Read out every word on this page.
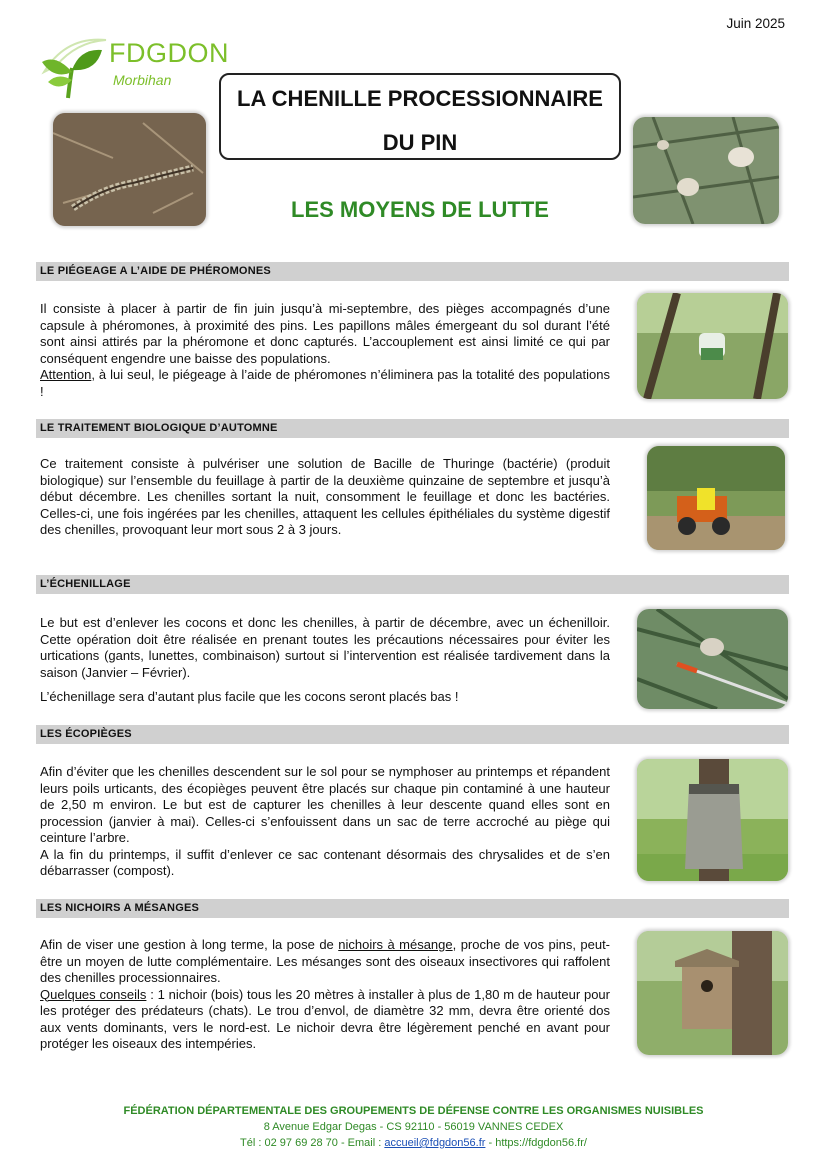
Juin 2025
FDGDON
Morbihan
LA CHENILLE PROCESSIONNAIRE
DU PIN
LES MOYENS DE LUTTE
LE PIÉGEAGE A L’AIDE DE PHÉROMONES

Il consiste à placer à partir de fin juin jusqu’à mi-septembre, des pièges accompagnés d’une capsule à phéromones, à proximité des pins. Les papillons mâles émergeant du sol durant l’été sont ainsi attirés par la phéromone et donc capturés. L’accouplement est ainsi limité ce qui par conséquent engendre une baisse des populations.

Attention, à lui seul, le piégeage à l’aide de phéromones n’éliminera pas la totalité des populations !

LE TRAITEMENT BIOLOGIQUE D’AUTOMNE

Ce traitement consiste à pulvériser une solution de Bacille de Thuringe (bactérie) (produit biologique) sur l’ensemble du feuillage à partir de la deuxième quinzaine de septembre et jusqu’à début décembre. Les chenilles sortant la nuit, consomment le feuillage et donc les bactéries. Celles-ci, une fois ingérées par les chenilles, attaquent les cellules épithéliales du système digestif des chenilles, provoquant leur mort sous 2 à 3 jours.

L’ÉCHENILLAGE

Le but est d’enlever les cocons et donc les chenilles, à partir de décembre, avec un échenilloir. Cette opération doit être réalisée en prenant toutes les précautions nécessaires pour éviter les urtications (gants, lunettes, combinaison) surtout si l’intervention est réalisée tardivement dans la saison (Janvier – Février).

L’échenillage sera d’autant plus facile que les cocons seront placés bas !

LES ÉCOPIÈGES

Afin d’éviter que les chenilles descendent sur le sol pour se nymphoser au printemps et répandent leurs poils urticants, des écopièges peuvent être placés sur chaque pin contaminé à une hauteur de 2,50 m environ. Le but est de capturer les chenilles à leur descente quand elles sont en procession (janvier à mai). Celles-ci s’enfouissent dans un sac de terre accroché au piège qui ceinture l’arbre.

A la fin du printemps, il suffit d’enlever ce sac contenant désormais des chrysalides et de s’en débarrasser (compost).

LES NICHOIRS A MÉSANGES

Afin de viser une gestion à long terme, la pose de nichoirs à mésange, proche de vos pins, peut-être un moyen de lutte complémentaire. Les mésanges sont des oiseaux insectivores qui raffolent des chenilles processionnaires.

Quelques conseils : 1 nichoir (bois) tous les 20 mètres à installer à plus de 1,80 m de hauteur pour les protéger des prédateurs (chats). Le trou d’envol, de diamètre 32 mm, devra être orienté dos aux vents dominants, vers le nord-est. Le nichoir devra être légèrement penché en avant pour protéger les oiseaux des intempéries.

FÉDÉRATION DÉPARTEMENTALE DES GROUPEMENTS DE DÉFENSE CONTRE LES ORGANISMES NUISIBLES
8 Avenue Edgar Degas - CS 92110 - 56019 VANNES CEDEX
Tél : 02 97 69 28 70 - Email : accueil@fdgdon56.fr - https://fdgdon56.fr/
